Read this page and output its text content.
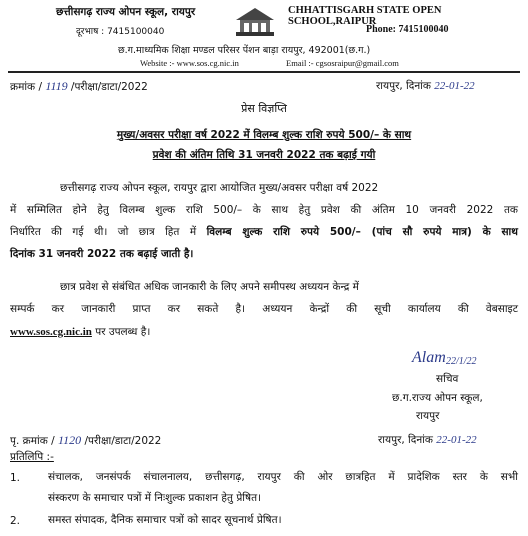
छत्तीसगढ़ राज्य ओपन स्कूल, रायपुर
दूरभाष : 7415100040
CHHATTISGARH STATE OPEN SCHOOL,RAIPUR
Phone: 7415100040
छ.ग.माध्यमिक शिक्षा मण्डल परिसर पेंशन बाड़ा रायपुर, 492001(छ.ग.)
Website :- www.sos.cg.nic.in	Email :- cgsosraipur@gmail.com
क्रमांक / 1119 /परीक्षा/डाटा/2022	रायपुर, दिनांक 22-01-22
प्रेस विज्ञप्ति
मुख्य/अवसर परीक्षा वर्ष 2022 में विलम्ब शुल्क राशि रुपये 500/– के साथ
प्रवेश की अंतिम तिथि 31 जनवरी 2022 तक बढ़ाई गयी
छत्तीसगढ़ राज्य ओपन स्कूल, रायपुर द्वारा आयोजित मुख्य/अवसर परीक्षा वर्ष 2022
में सम्मिलित होने हेतु विलम्ब शुल्क राशि 500/– के साथ हेतु प्रवेश की अंतिम 10 जनवरी 2022 तक
निर्धारित की गई थी। जो छात्र हित में विलम्ब शुल्क राशि रुपये 500/– (पांच सौ रुपये मात्र) के साथ
दिनांक 31 जनवरी 2022 तक बढ़ाई जाती है।
छात्र प्रवेश से संबंधित अधिक जानकारी के लिए अपने समीपस्थ अध्ययन केन्द्र में
सम्पर्क कर जानकारी प्राप्त कर सकते है। अध्ययन केन्द्रों की सूची कार्यालय की वेबसाइट
www.sos.cg.nic.in पर उपलब्ध है।
Alam 22/1/22
सचिव
छ.ग.राज्य ओपन स्कूल,
रायपुर
पृ. क्रमांक / 1120 /परीक्षा/डाटा/2022	रायपुर, दिनांक 22-01-22
प्रतिलिपि :-
1.	संचालक, जनसंपर्क संचालनालय, छत्तीसगढ़, रायपुर की ओर छात्रहित में प्रादेशिक स्तर के सभी
संस्करण के समाचार पत्रों में निःशुल्क प्रकाशन हेतु प्रेषित।
2.	समस्त संपादक, दैनिक समाचार पत्रों को सादर सूचनार्थ प्रेषित।
